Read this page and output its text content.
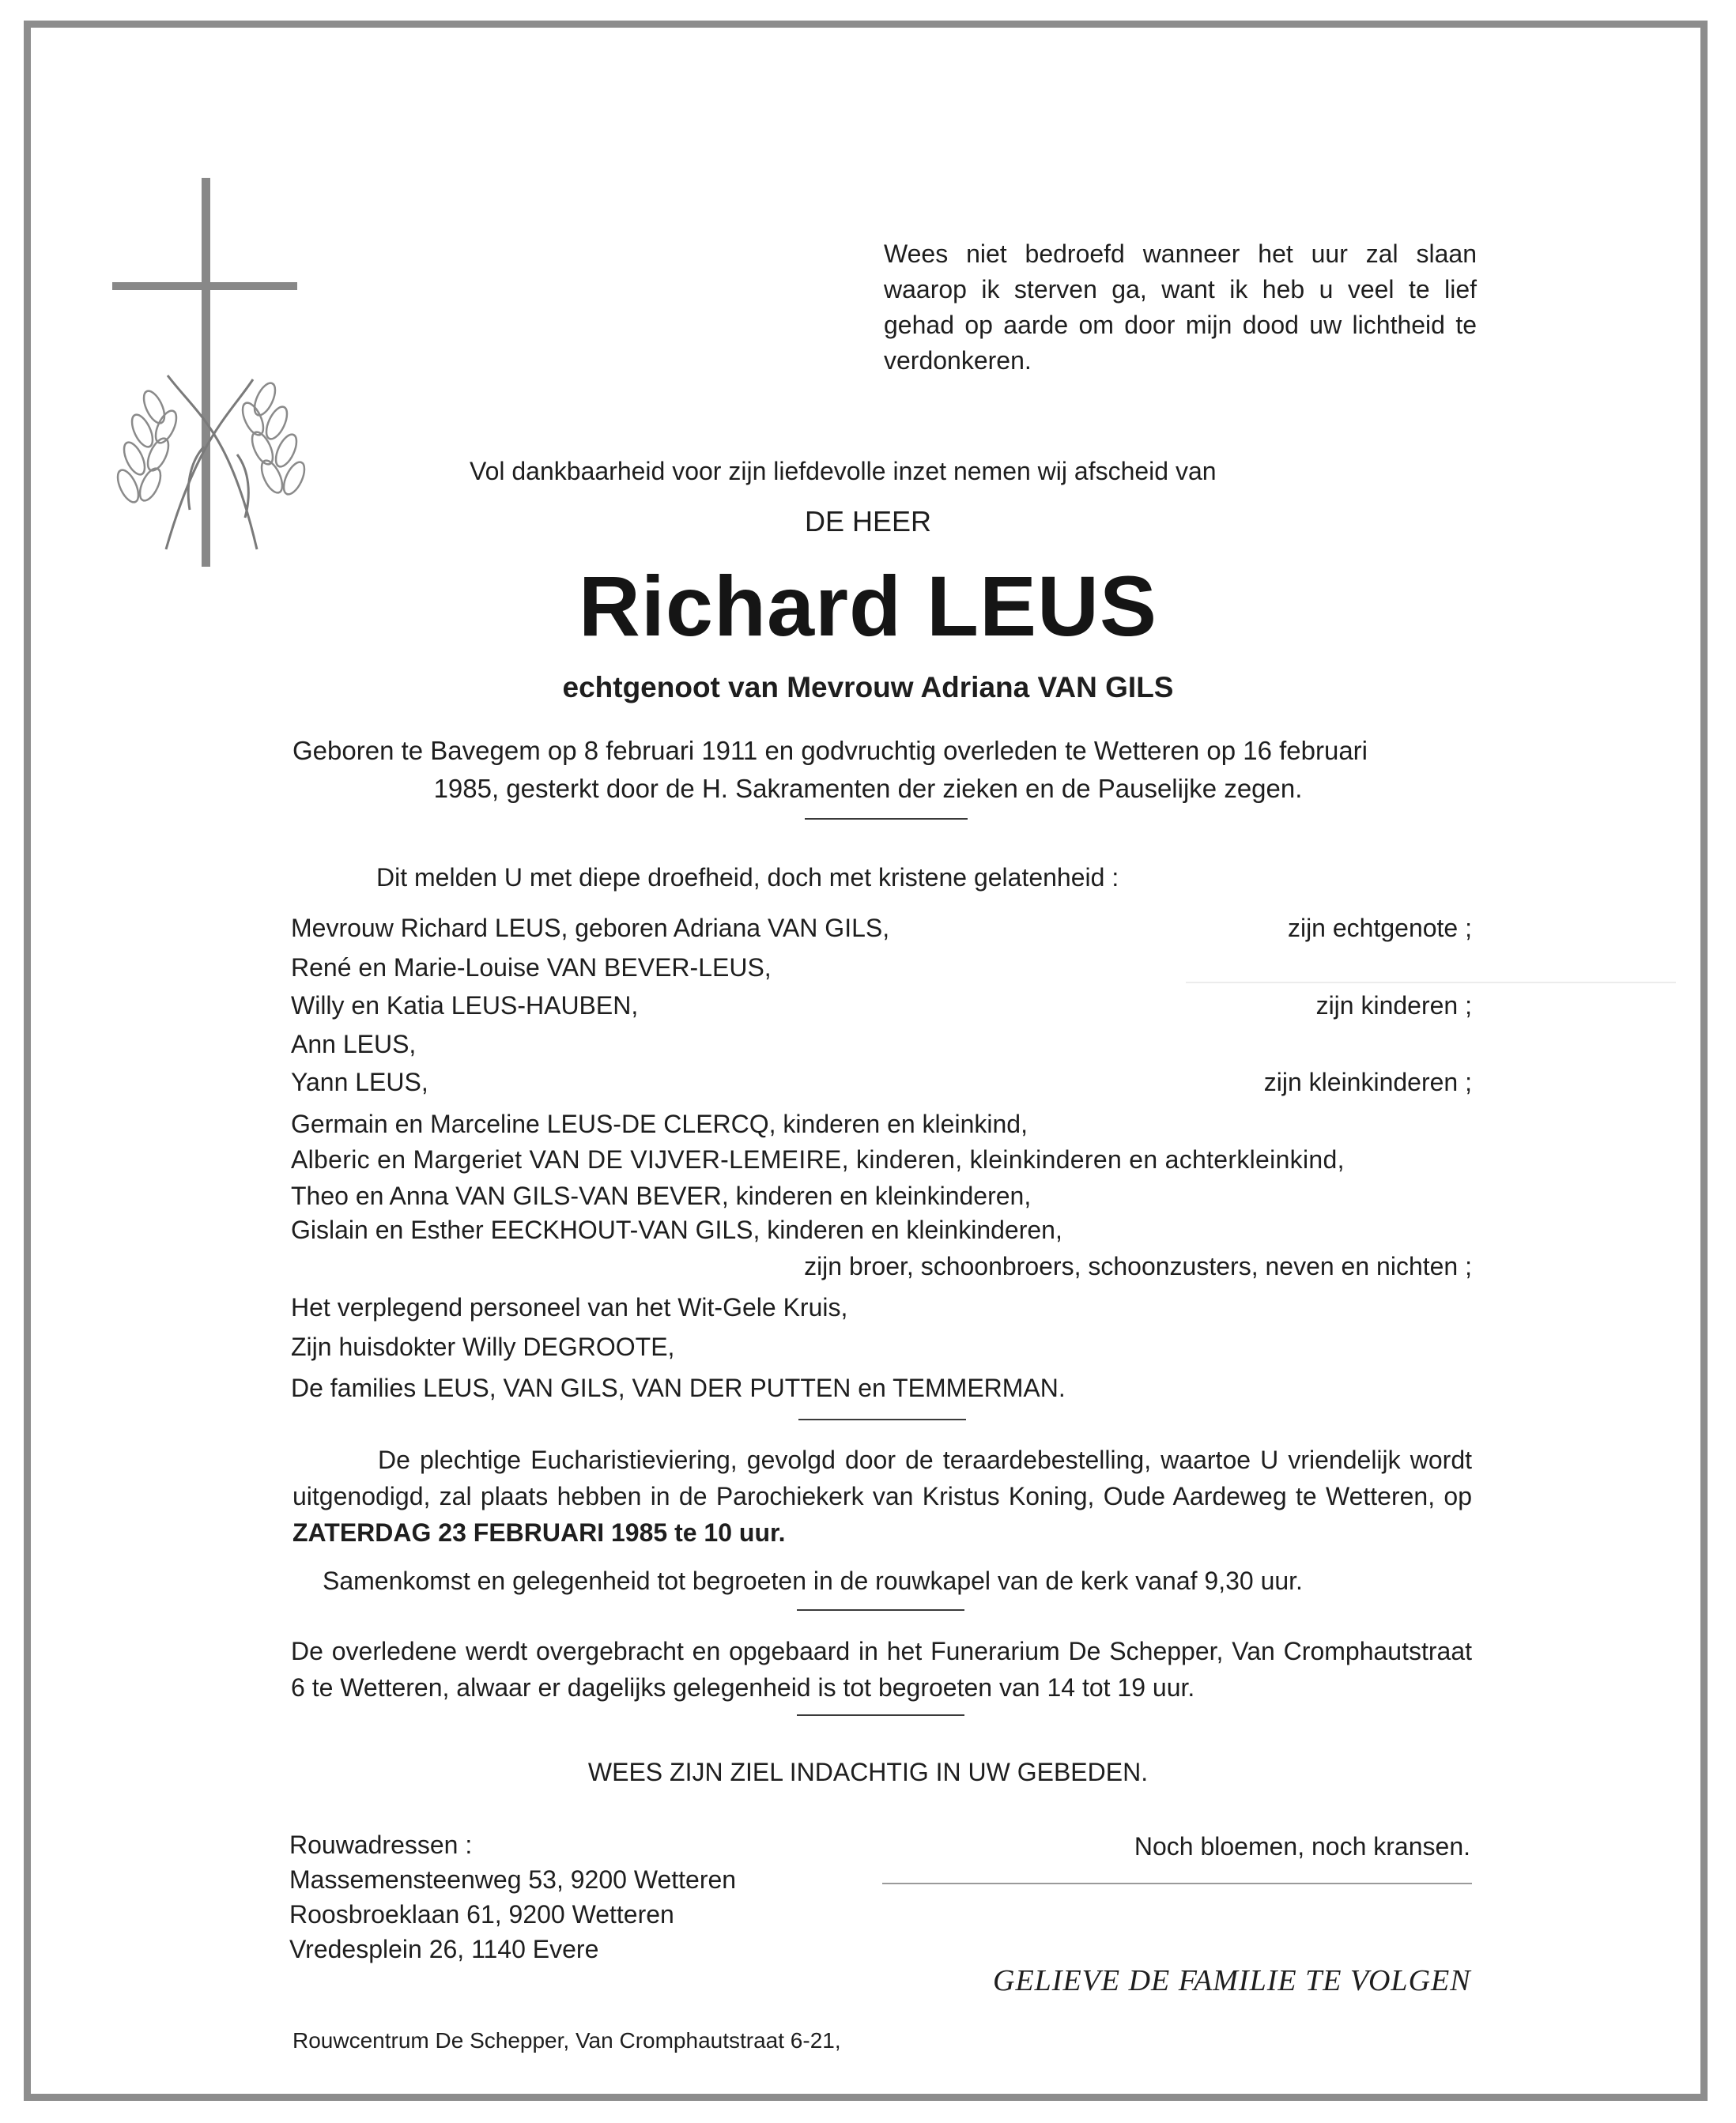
Wees niet bedroefd wanneer het uur zal slaan waarop ik sterven ga, want ik heb u veel te lief gehad op aarde om door mijn dood uw lichtheid te verdonkeren.
Vol dankbaarheid voor zijn liefdevolle inzet nemen wij afscheid van
DE HEER
Richard LEUS
echtgenoot van Mevrouw Adriana VAN GILS
Geboren te Bavegem op 8 februari 1911 en godvruchtig overleden te Wetteren op 16 februari
1985, gesterkt door de H. Sakramenten der zieken en de Pauselijke zegen.
Dit melden U met diepe droefheid, doch met kristene gelatenheid :
Mevrouw Richard LEUS, geboren Adriana VAN GILS,	zijn echtgenote ;
René en Marie-Louise VAN BEVER-LEUS,
Willy en Katia LEUS-HAUBEN,	zijn kinderen ;
Ann LEUS,
Yann LEUS,	zijn kleinkinderen ;
Germain en Marceline LEUS-DE CLERCQ, kinderen en kleinkind,
Alberic en Margeriet VAN DE VIJVER-LEMEIRE, kinderen, kleinkinderen en achterkleinkind,
Theo en Anna VAN GILS-VAN BEVER, kinderen en kleinkinderen,
Gislain en Esther EECKHOUT-VAN GILS, kinderen en kleinkinderen,
zijn broer, schoonbroers, schoonzusters, neven en nichten ;
Het verplegend personeel van het Wit-Gele Kruis,
Zijn huisdokter Willy DEGROOTE,
De families LEUS, VAN GILS, VAN DER PUTTEN en TEMMERMAN.
De plechtige Eucharistieviering, gevolgd door de teraardebestelling, waartoe U vriendelijk wordt uitgenodigd, zal plaats hebben in de Parochiekerk van Kristus Koning, Oude Aardeweg te Wetteren, op ZATERDAG 23 FEBRUARI 1985 te 10 uur.
Samenkomst en gelegenheid tot begroeten in de rouwkapel van de kerk vanaf 9,30 uur.
De overledene werdt overgebracht en opgebaard in het Funerarium De Schepper, Van Cromphautstraat 6 te Wetteren, alwaar er dagelijks gelegenheid is tot begroeten van 14 tot 19 uur.
WEES ZIJN ZIEL INDACHTIG IN UW GEBEDEN.
Rouwadressen :
Massemensteenweg 53, 9200 Wetteren
Roosbroeklaan 61, 9200 Wetteren
Vredesplein 26, 1140 Evere
Noch bloemen, noch kransen.
GELIEVE DE FAMILIE TE VOLGEN
Rouwcentrum De Schepper, Van Cromphautstraat 6-21,
